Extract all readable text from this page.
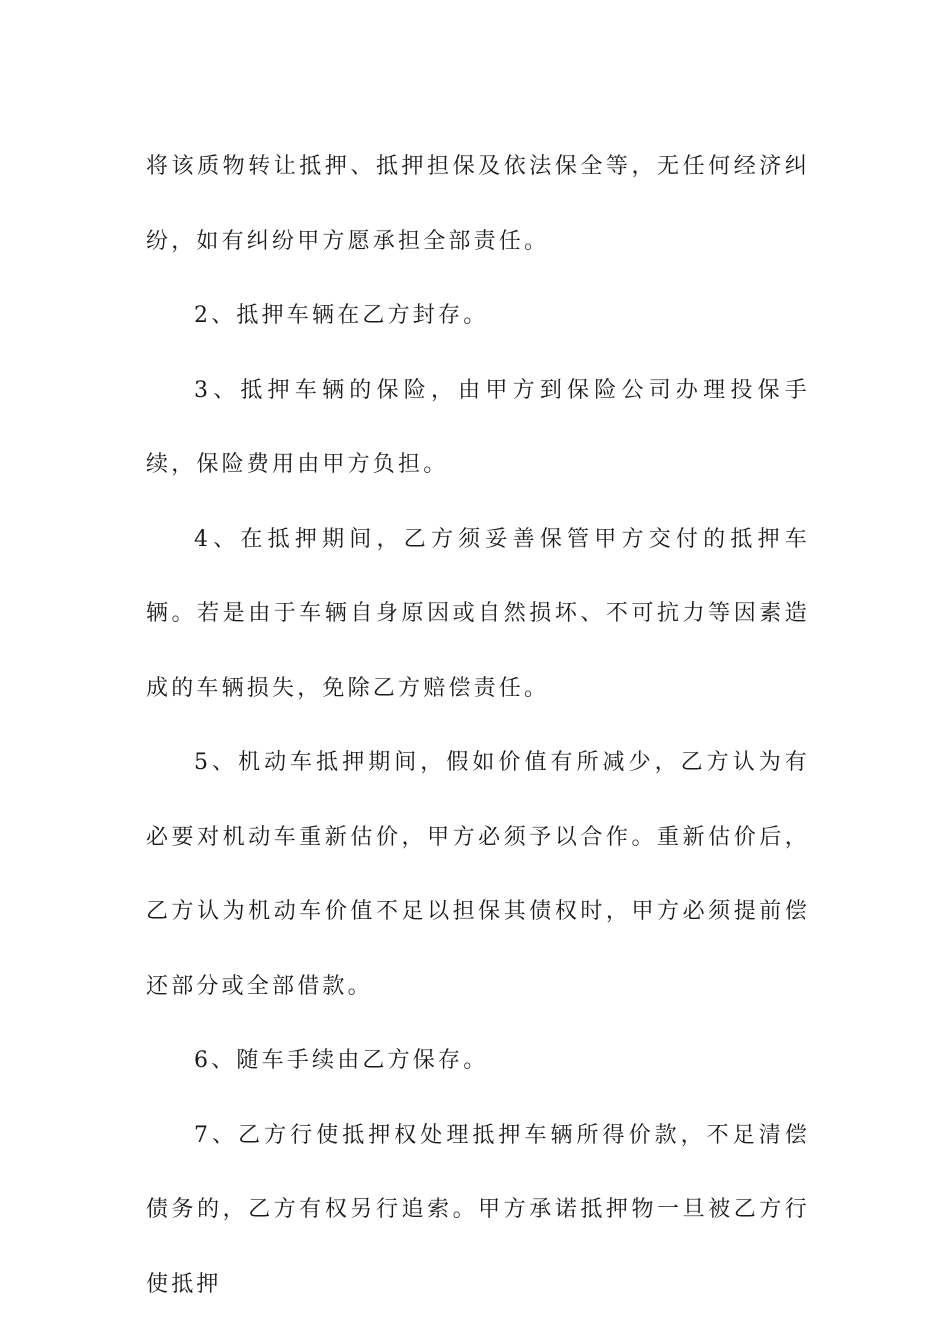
将该质物转让抵押、抵押担保及依法保全等，无任何经济纠纷，如有纠纷甲方愿承担全部责任。

2、抵押车辆在乙方封存。

3、抵押车辆的保险，由甲方到保险公司办理投保手续，保险费用由甲方负担。

4、在抵押期间，乙方须妥善保管甲方交付的抵押车辆。若是由于车辆自身原因或自然损坏、不可抗力等因素造成的车辆损失，免除乙方赔偿责任。

5、机动车抵押期间，假如价值有所减少，乙方认为有必要对机动车重新估价，甲方必须予以合作。重新估价后，乙方认为机动车价值不足以担保其债权时，甲方必须提前偿还部分或全部借款。

6、随车手续由乙方保存。

7、乙方行使抵押权处理抵押车辆所得价款，不足清偿债务的，乙方有权另行追索。甲方承诺抵押物一旦被乙方行使抵押
